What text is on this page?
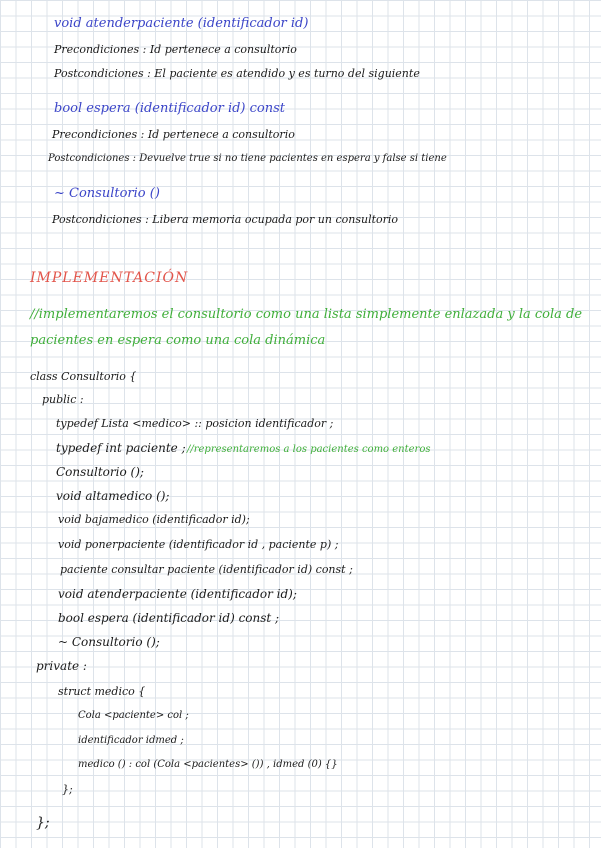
void atenderpaciente (identificador id)
Precondiciones : Id pertenece a consultorio
Postcondiciones : El paciente es atendido y es turno del siguiente
bool espera (identificador id) const
Precondiciones : Id pertenece a consultorio
Postcondiciones : Devuelve true si no tiene pacientes en espera y false si tiene
~ Consultorio ()
Postcondiciones : Libera memoria ocupada por un consultorio
IMPLEMENTACIÓN
//implementaremos el consultorio como una lista simplemente enlazada y la cola de
pacientes en espera como una cola dinámica
class Consultorio {
public :
typedef Lista <medico> :: posicion identificador ;
typedef int paciente ; //representaremos a los pacientes como enteros
Consultorio ();
void altamedico ();
void bajamedico (identificador id);
void ponerpaciente (identificador id , paciente p) ;
paciente consultar paciente (identificador id) const ;
void atenderpaciente (identificador id);
bool espera (identificador id) const ;
~ Consultorio ();
private :
struct medico {
Cola <paciente> col ;
identificador idmed ;
medico () : col (Cola <pacientes> ()) , idmed (0) {}
};
};
